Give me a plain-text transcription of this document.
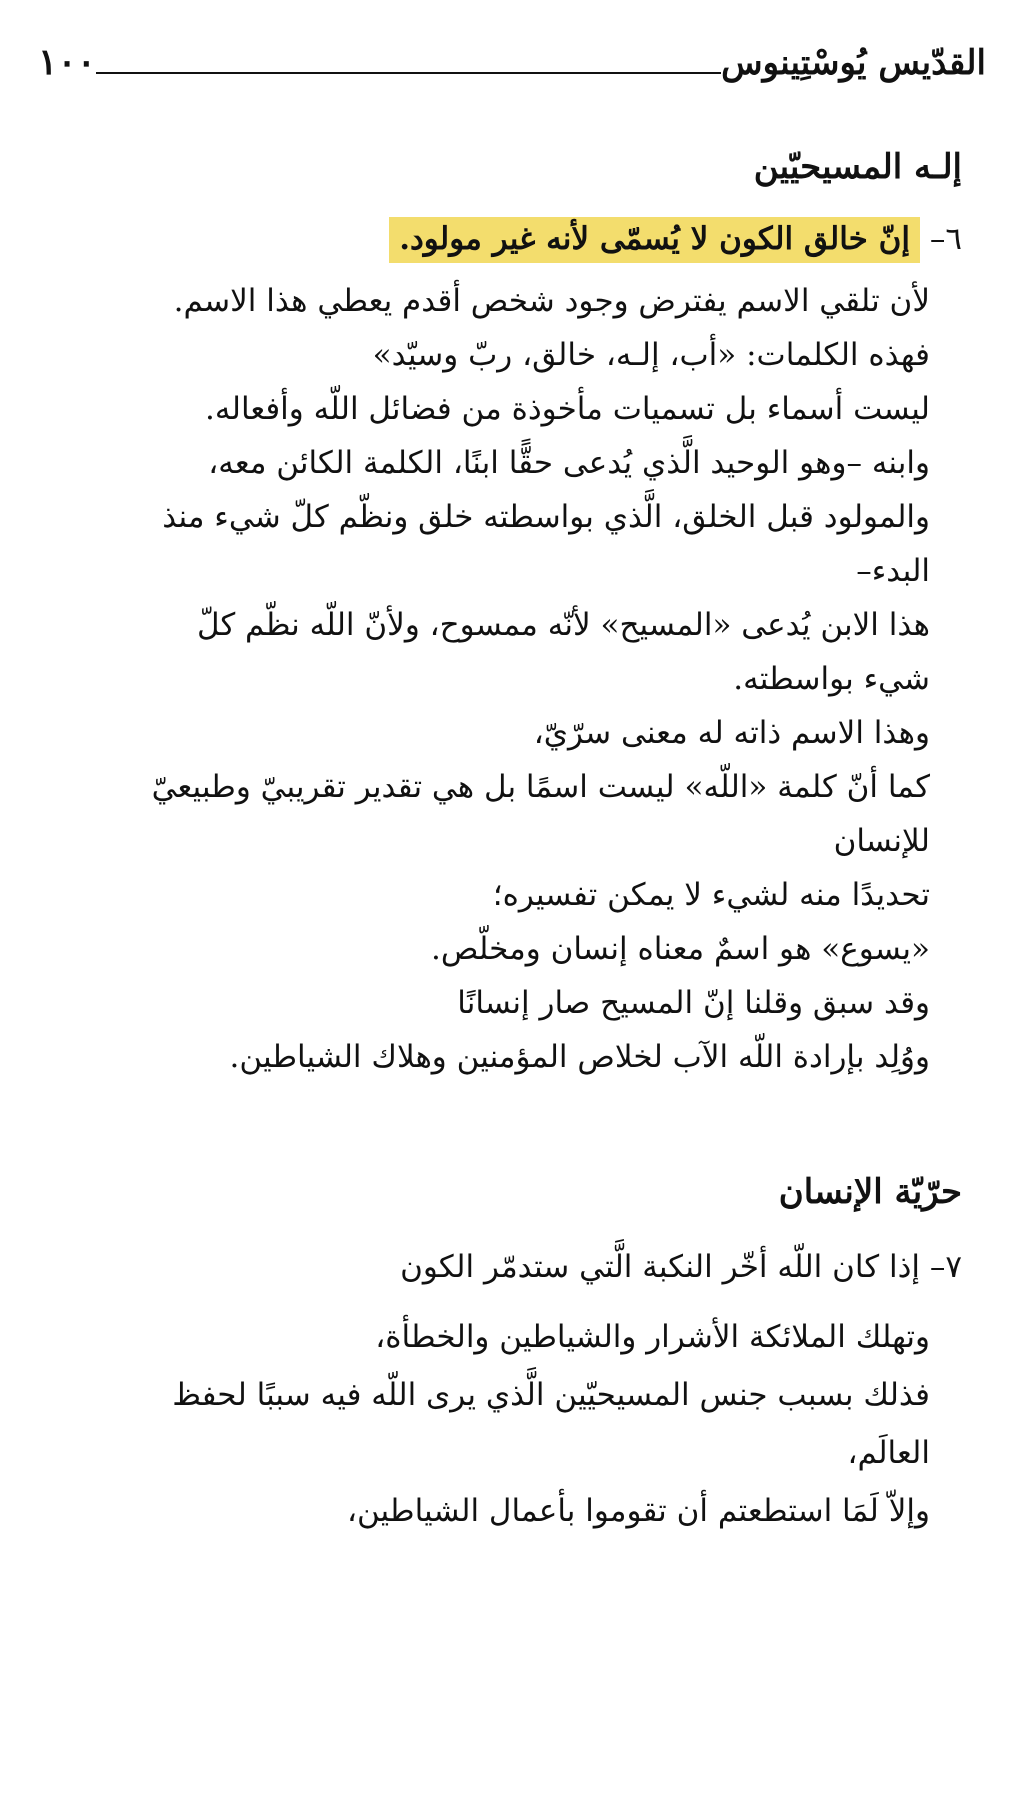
القدّيس يُوسْتِينوس
١٠٠
إلـه المسيحيّين
٦– إنّ خالق الكون لا يُسمّى لأنه غير مولود.
لأن تلقي الاسم يفترض وجود شخص أقدم يعطي هذا الاسم.
فهذه الكلمات: «أب، إلـه، خالق، ربّ وسيّد»
ليست أسماء بل تسميات مأخوذة من فضائل اللّه وأفعاله.
وابنه –وهو الوحيد الَّذي يُدعى حقًّا ابنًا، الكلمة الكائن معه،
والمولود قبل الخلق، الَّذي بواسطته خلق ونظّم كلّ شيء منذ
البدء–
هذا الابن يُدعى «المسيح» لأنّه ممسوح، ولأنّ اللّه نظّم كلّ
شيء بواسطته.
وهذا الاسم ذاته له معنى سرّيّ،
كما أنّ كلمة «اللّه» ليست اسمًا بل هي تقدير تقريبيّ وطبيعيّ
للإنسان
تحديدًا منه لشيء لا يمكن تفسيره؛
«يسوع» هو اسمٌ معناه إنسان ومخلّص.
وقد سبق وقلنا إنّ المسيح صار إنسانًا
ووُلِد بإرادة اللّه الآب لخلاص المؤمنين وهلاك الشياطين.
حرّيّة الإنسان
٧– إذا كان اللّه أخّر النكبة الَّتي ستدمّر الكون
وتهلك الملائكة الأشرار والشياطين والخطأة،
فذلك بسبب جنس المسيحيّين الَّذي يرى اللّه فيه سببًا لحفظ
العالَم،
وإلاّ لَمَا استطعتم أن تقوموا بأعمال الشياطين،
